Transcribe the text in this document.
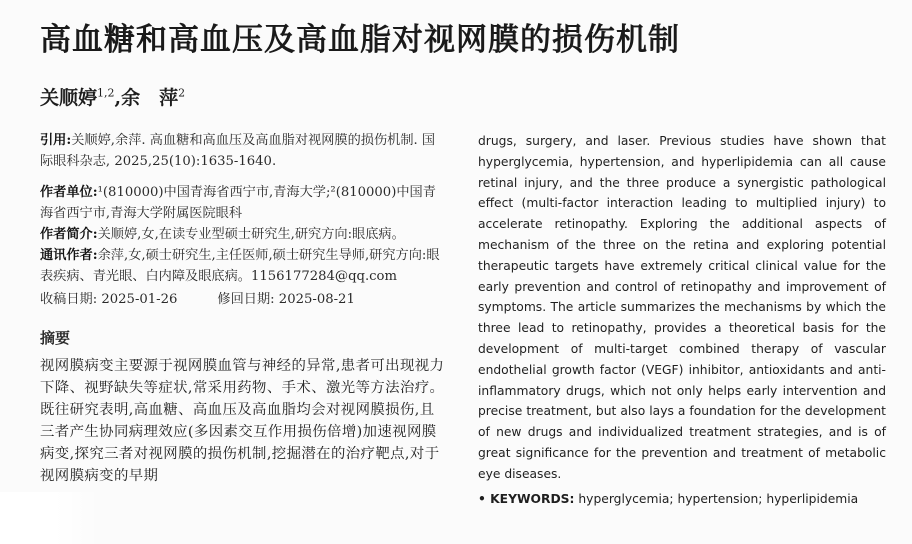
高血糖和高血压及高血脂对视网膜的损伤机制
关顺婷$^{1,2}$,余　萍$^2$

引用:关顺婷,余萍. 高血糖和高血压及高血脂对视网膜的损伤机制. 国际眼科杂志, 2025,25(10):1635-1640.

作者单位:¹(810000)中国青海省西宁市,青海大学;²(810000)中国青海省西宁市,青海大学附属医院眼科

作者简介:关顺婷,女,在读专业型硕士研究生,研究方向:眼底病。

通讯作者:余萍,女,硕士研究生,主任医师,硕士研究生导师,研究方向:眼表疾病、青光眼、白内障及眼底病。1156177284@qq.com

收稿日期: 2025-01-26	修回日期: 2025-08-21
摘要
视网膜病变主要源于视网膜血管与神经的异常,患者可出现视力下降、视野缺失等症状,常采用药物、手术、激光等方法治疗。既往研究表明,高血糖、高血压及高血脂均会对视网膜损伤,且三者产生协同病理效应(多因素交互作用损伤倍增)加速视网膜病变,探究三者对视网膜的损伤机制,挖掘潜在的治疗靶点,对于视网膜病变的早期

drugs, surgery, and laser. Previous studies have shown that hyperglycemia, hypertension, and hyperlipidemia can all cause retinal injury, and the three produce a synergistic pathological effect (multi-factor interaction leading to multiplied injury) to accelerate retinopathy. Exploring the additional aspects of mechanism of the three on the retina and exploring potential therapeutic targets have extremely critical clinical value for the early prevention and control of retinopathy and improvement of symptoms. The article summarizes the mechanisms by which the three lead to retinopathy, provides a theoretical basis for the development of multi-target combined therapy of vascular endothelial growth factor (VEGF) inhibitor, antioxidants and anti-inflammatory drugs, which not only helps early intervention and precise treatment, but also lays a foundation for the development of new drugs and individualized treatment strategies, and is of great significance for the prevention and treatment of metabolic eye diseases.

• KEYWORDS: hyperglycemia; hypertension; hyperlipidemia
